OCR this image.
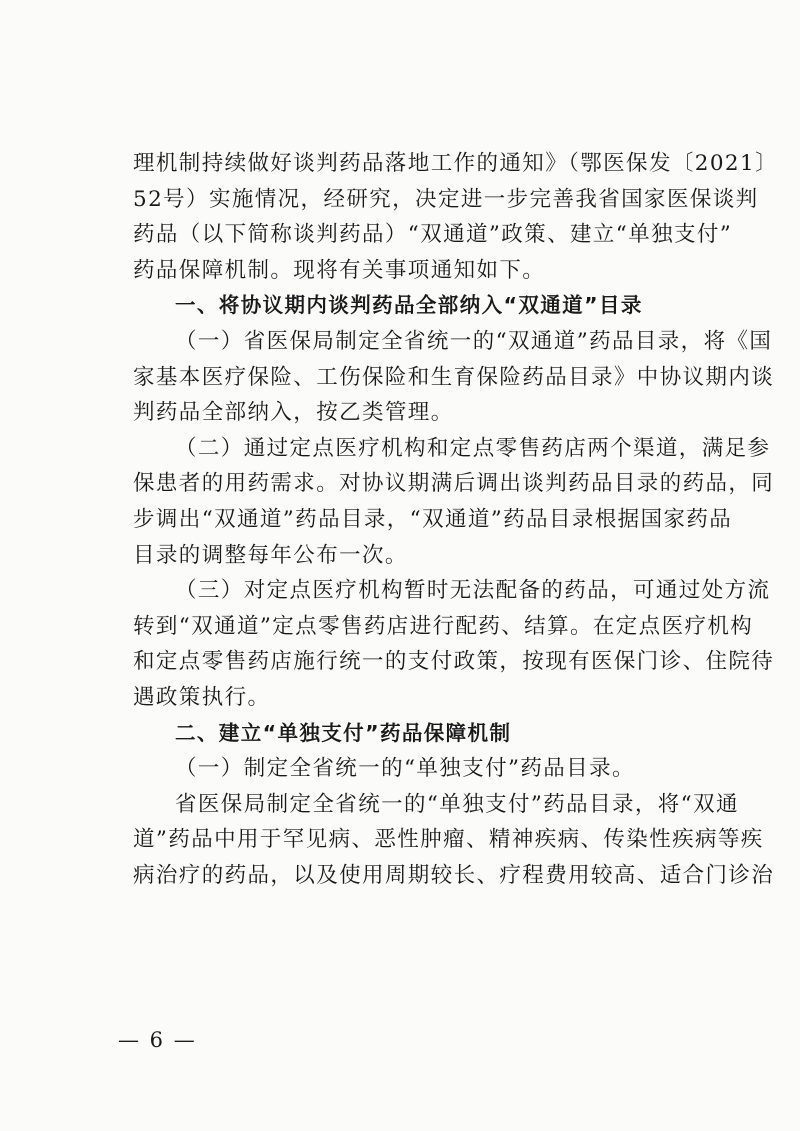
理机制持续做好谈判药品落地工作的通知》（鄂医保发〔2021〕
52号）实施情况，经研究，决定进一步完善我省国家医保谈判
药品（以下简称谈判药品）“双通道”政策、建立“单独支付”
药品保障机制。现将有关事项通知如下。
一、将协议期内谈判药品全部纳入“双通道”目录
（一）省医保局制定全省统一的“双通道”药品目录，将《国
家基本医疗保险、工伤保险和生育保险药品目录》中协议期内谈
判药品全部纳入，按乙类管理。
（二）通过定点医疗机构和定点零售药店两个渠道，满足参
保患者的用药需求。对协议期满后调出谈判药品目录的药品，同
步调出“双通道”药品目录，“双通道”药品目录根据国家药品
目录的调整每年公布一次。
（三）对定点医疗机构暂时无法配备的药品，可通过处方流
转到“双通道”定点零售药店进行配药、结算。在定点医疗机构
和定点零售药店施行统一的支付政策，按现有医保门诊、住院待
遇政策执行。
二、建立“单独支付”药品保障机制
（一）制定全省统一的“单独支付”药品目录。
省医保局制定全省统一的“单独支付”药品目录，将“双通
道”药品中用于罕见病、恶性肿瘤、精神疾病、传染性疾病等疾
病治疗的药品，以及使用周期较长、疗程费用较高、适合门诊治
— 6 —
